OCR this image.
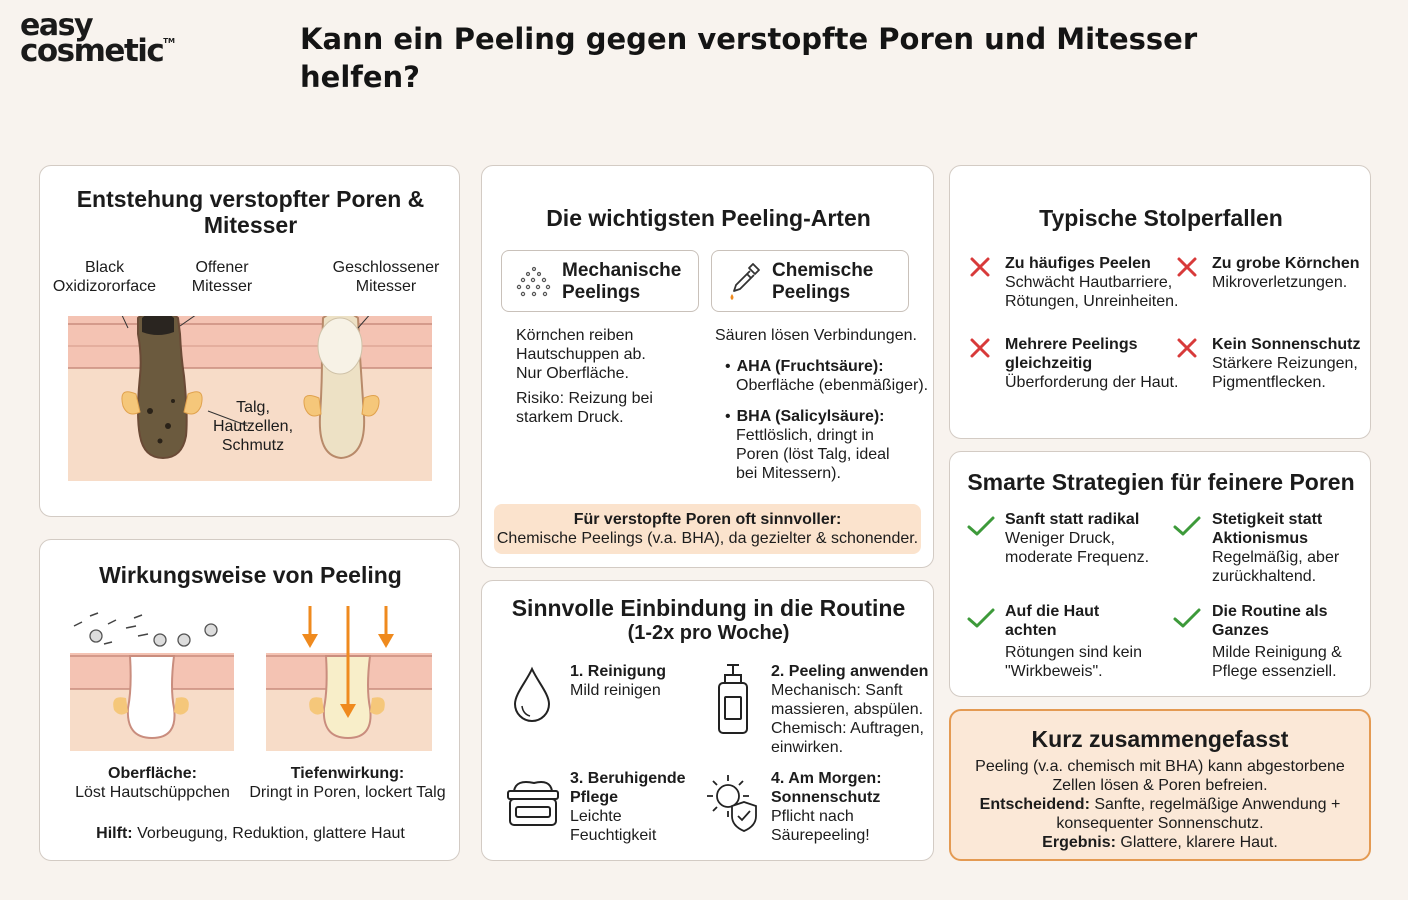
easy
cosmetic™	Kann ein Peeling gegen verstopfte Poren und Mitesser helfen?
Entstehung verstopfter Poren & Mitesser
Black
Oxidizororface
Offener
Mitesser
Geschlossener
Mitesser
Talg,
Hautzellen,
Schmutz
Wirkungsweise von Peeling
Oberfläche:
Löst Hautschüppchen
Tiefenwirkung:
Dringt in Poren, lockert Talg
Hilft: Vorbeugung, Reduktion, glattere Haut
Die wichtigsten Peeling-Arten
Mechanische
Peelings
Chemische
Peelings
Körnchen reiben
Hautschuppen ab.
Nur Oberfläche.
Risiko: Reizung bei
starkem Druck.
Säuren lösen Verbindungen.
• AHA (Fruchtsäure):
Oberfläche (ebenmäßiger).
• BHA (Salicylsäure):
Fettlöslich, dringt in
Poren (löst Talg, ideal
bei Mitessern).
Für verstopfte Poren oft sinnvoller:
Chemische Peelings (v.a. BHA), da gezielter & schonender.
Sinnvolle Einbindung in die Routine
(1-2x pro Woche)
1. Reinigung
Mild reinigen
2. Peeling anwenden
Mechanisch: Sanft
massieren, abspülen.
Chemisch: Auftragen,
einwirken.
3. Beruhigende
Pflege
Leichte
Feuchtigkeit
4. Am Morgen:
Sonnenschutz
Pflicht nach
Säurepeeling!
Typische Stolperfallen
Zu häufiges Peelen
Schwächt Hautbarriere,
Rötungen, Unreinheiten.
Zu grobe Körnchen
Mikroverletzungen.
Mehrere Peelings
gleichzeitig
Überforderung der Haut.
Kein Sonnenschutz
Stärkere Reizungen,
Pigmentflecken.
Smarte Strategien für feinere Poren
Sanft statt radikal
Weniger Druck,
moderate Frequenz.
Stetigkeit statt
Aktionismus
Regelmäßig, aber
zurückhaltend.
Auf die Haut
achten
Rötungen sind kein
"Wirkbeweis".
Die Routine als
Ganzes
Milde Reinigung &
Pflege essenziell.
Kurz zusammengefasst
Peeling (v.a. chemisch mit BHA) kann abgestorbene
Zellen lösen & Poren befreien.
Entscheidend: Sanfte, regelmäßige Anwendung +
konsequenter Sonnenschutz.
Ergebnis: Glattere, klarere Haut.
